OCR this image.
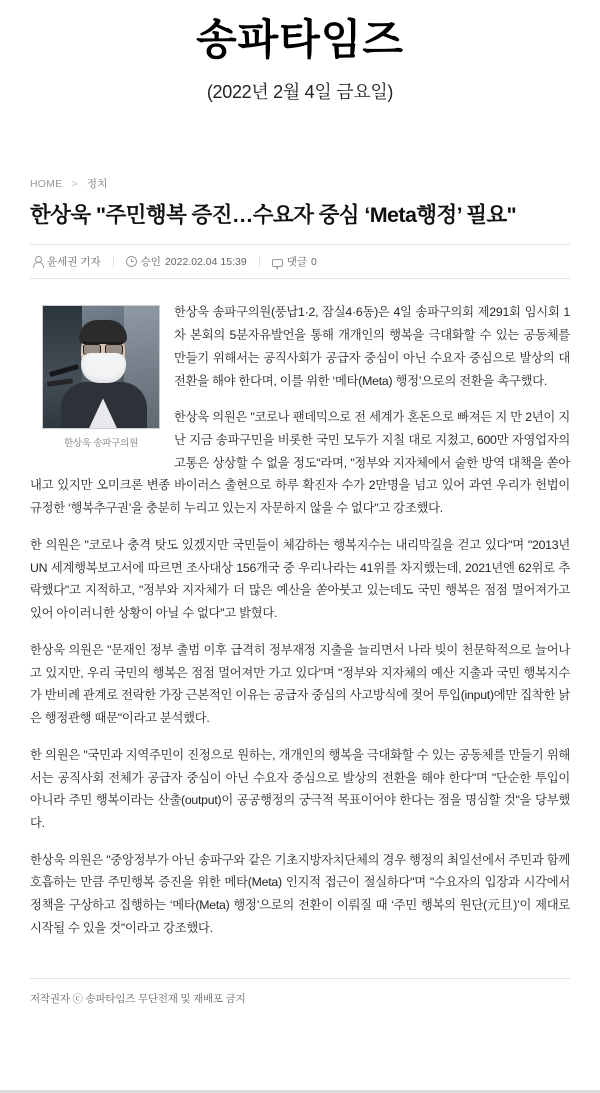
송파타임즈
(2022년 2월 4일 금요일)
HOME > 정치
한상욱 "주민행복 증진…수요자 중심 ‘Meta행정’ 필요"
윤세권 기자	승인 2022.02.04 15:39	댓글 0
한상욱 송파구의원

한상욱 송파구의원(풍납1·2, 잠실4·6동)은 4일 송파구의회 제291회 임시회 1차 본회의 5분자유발언을 통해 개개인의 행복을 극대화할 수 있는 공동체를 만들기 위해서는 공직사회가 공급자 중심이 아닌 수요자 중심으로 발상의 대전환을 해야 한다며, 이를 위한 ‘메타(Meta) 행정’으로의 전환을 촉구했다.

한상욱 의원은 "코로나 팬데믹으로 전 세계가 혼돈으로 빠져든 지 만 2년이 지난 지금 송파구민을 비롯한 국민 모두가 지칠 대로 지쳤고, 600만 자영업자의 고통은 상상할 수 없을 정도"라며, "정부와 지자체에서 숱한 방역 대책을 쏟아내고 있지만 오미크론 변종 바이러스 출현으로 하루 확진자 수가 2만명을 넘고 있어 과연 우리가 헌법이 규정한 ‘행복추구권’을 충분히 누리고 있는지 자문하지 않을 수 없다"고 강조했다.

한 의원은 "코로나 충격 탓도 있겠지만 국민들이 체감하는 행복지수는 내리막길을 걷고 있다"며 "2013년 UN 세계행복보고서에 따르면 조사대상 156개국 중 우리나라는 41위를 차지했는데, 2021년엔 62위로 추락했다"고 지적하고, "정부와 지자체가 더 많은 예산을 쏟아붓고 있는데도 국민 행복은 점점 멀어져가고 있어 아이러니한 상황이 아닐 수 없다"고 밝혔다.

한상욱 의원은 "문재인 정부 출범 이후 급격히 정부재정 지출을 늘리면서 나라 빚이 천문학적으로 늘어나고 있지만, 우리 국민의 행복은 점점 멀어져만 가고 있다"며 "정부와 지자체의 예산 지출과 국민 행복지수가 반비례 관계로 전락한 가장 근본적인 이유는 공급자 중심의 사고방식에 젖어 투입(input)에만 집착한 낡은 행정관행 때문"이라고 분석했다.

한 의원은 "국민과 지역주민이 진정으로 원하는, 개개인의 행복을 극대화할 수 있는 공동체를 만들기 위해서는 공직사회 전체가 공급자 중심이 아닌 수요자 중심으로 발상의 전환을 해야 한다"며 "단순한 투입이 아니라 주민 행복이라는 산출(output)이 공공행정의 궁극적 목표이어야 한다는 점을 명심할 것"을 당부했다.

한상욱 의원은 "중앙정부가 아닌 송파구와 같은 기초지방자치단체의 경우 행정의 최일선에서 주민과 함께 호흡하는 만큼 주민행복 증진을 위한 메타(Meta) 인지적 접근이 절실하다"며 "수요자의 입장과 시각에서 정책을 구상하고 집행하는 ‘메타(Meta) 행정’으로의 전환이 이뤄질 때 ‘주민 행복의 원단(元旦)’이 제대로 시작될 수 있을 것"이라고 강조했다.

저작권자 ⓒ 송파타임즈 무단전재 및 재배포 금지
